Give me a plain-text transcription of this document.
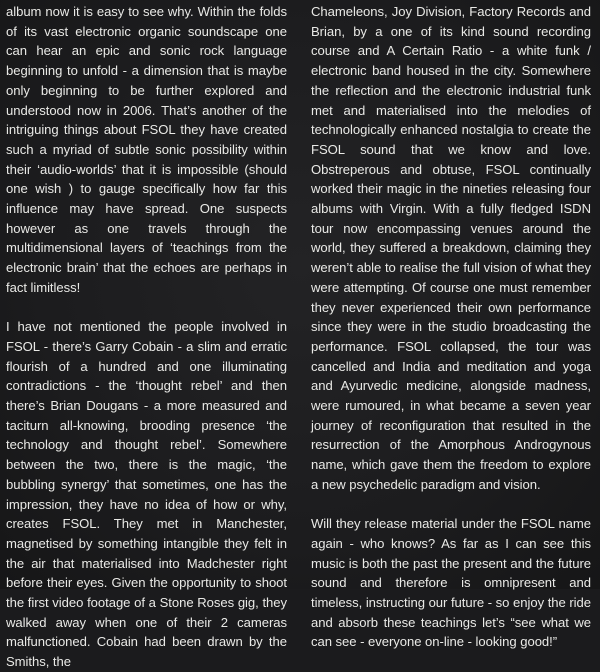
album now it is easy to see why. Within the folds of its vast electronic organic soundscape one can hear an epic and sonic rock language beginning to unfold - a dimension that is maybe only beginning to be further explored and understood now in 2006. That’s another of the intriguing things about FSOL they have created such a myriad of subtle sonic possibility within their ‘audio-worlds’ that it is impossible (should one wish ) to gauge specifically how far this influence may have spread. One suspects however as one travels through the multidimensional layers of ‘teachings from the electronic brain’ that the echoes are perhaps in fact limitless!

I have not mentioned the people involved in FSOL - there’s Garry Cobain - a slim and erratic flourish of a hundred and one illuminating contradictions - the ‘thought rebel’ and then there’s Brian Dougans - a more measured and taciturn all-knowing, brooding presence ‘the technology and thought rebel’. Somewhere between the two, there is the magic, ‘the bubbling synergy’ that sometimes, one has the impression, they have no idea of how or why, creates FSOL. They met in Manchester, magnetised by something intangible they felt in the air that materialised into Madchester right before their eyes. Given the opportunity to shoot the first video footage of a Stone Roses gig, they walked away when one of their 2 cameras malfunctioned. Cobain had been drawn by the Smiths, the

Chameleons, Joy Division, Factory Records and Brian, by a one of its kind sound recording course and A Certain Ratio - a white funk / electronic band housed in the city. Somewhere the reflection and the electronic industrial funk met and materialised into the melodies of technologically enhanced nostalgia to create the FSOL sound that we know and love. Obstreperous and obtuse, FSOL continually worked their magic in the nineties releasing four albums with Virgin. With a fully fledged ISDN tour now encompassing venues around the world, they suffered a breakdown, claiming they weren’t able to realise the full vision of what they were attempting. Of course one must remember they never experienced their own performance since they were in the studio broadcasting the performance. FSOL collapsed, the tour was cancelled and India and meditation and yoga and Ayurvedic medicine, alongside madness, were rumoured, in what became a seven year journey of reconfiguration that resulted in the resurrection of the Amorphous Androgynous name, which gave them the freedom to explore a new psychedelic paradigm and vision.

Will they release material under the FSOL name again - who knows? As far as I can see this music is both the past the present and the future sound and therefore is omnipresent and timeless, instructing our future - so enjoy the ride and absorb these teachings let’s “see what we can see - everyone on-line - looking good!”
